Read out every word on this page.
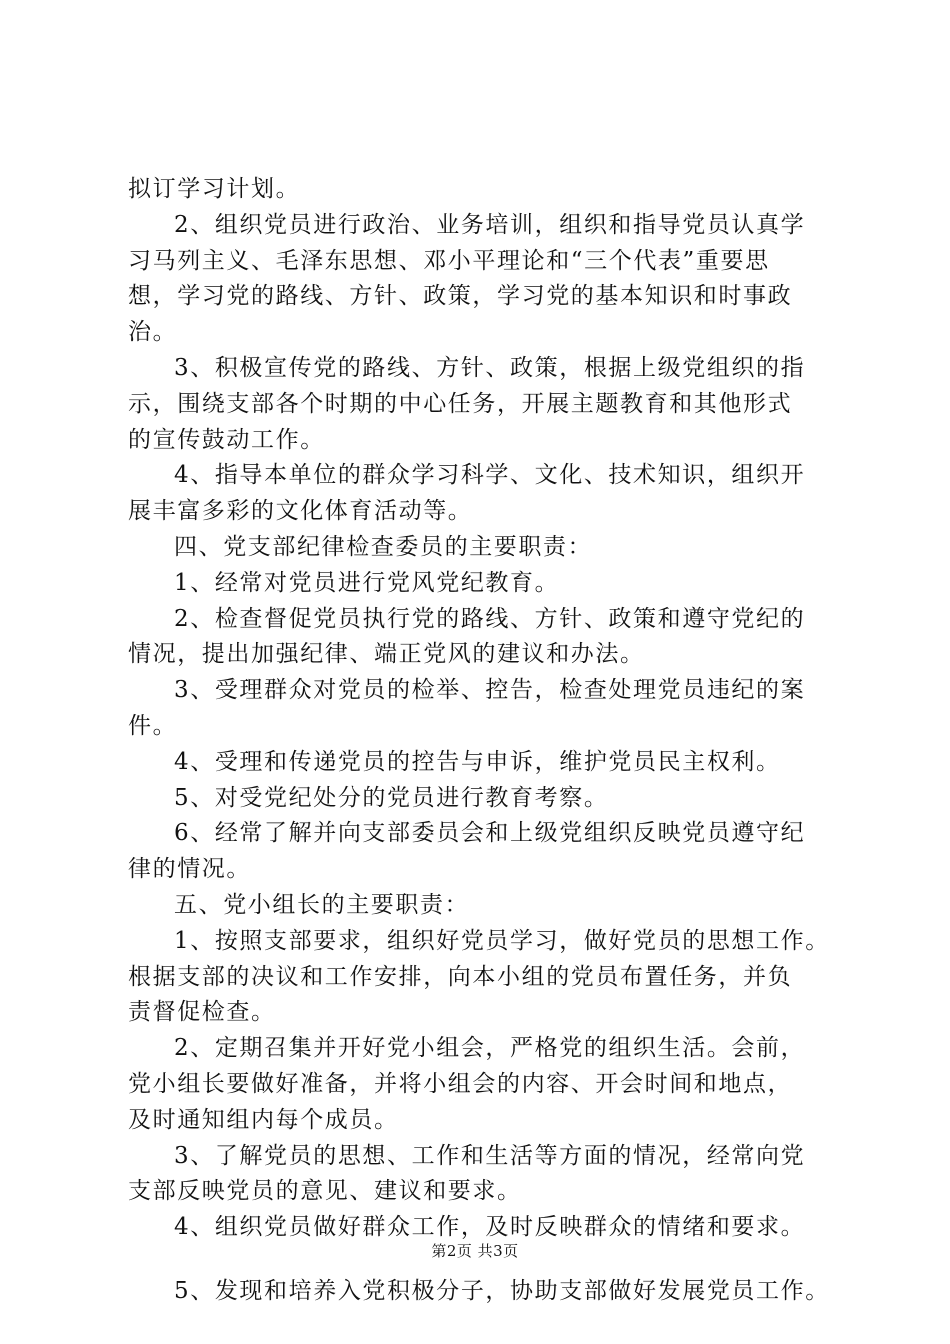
拟订学习计划。
2、组织党员进行政治、业务培训，组织和指导党员认真学
习马列主义、毛泽东思想、邓小平理论和“三个代表”重要思
想，学习党的路线、方针、政策，学习党的基本知识和时事政
治。
3、积极宣传党的路线、方针、政策，根据上级党组织的指
示，围绕支部各个时期的中心任务，开展主题教育和其他形式
的宣传鼓动工作。
4、指导本单位的群众学习科学、文化、技术知识，组织开
展丰富多彩的文化体育活动等。
四、党支部纪律检查委员的主要职责：
1、经常对党员进行党风党纪教育。
2、检查督促党员执行党的路线、方针、政策和遵守党纪的
情况，提出加强纪律、端正党风的建议和办法。
3、受理群众对党员的检举、控告，检查处理党员违纪的案
件。
4、受理和传递党员的控告与申诉，维护党员民主权利。
5、对受党纪处分的党员进行教育考察。
6、经常了解并向支部委员会和上级党组织反映党员遵守纪
律的情况。
五、党小组长的主要职责：
1、按照支部要求，组织好党员学习，做好党员的思想工作。
根据支部的决议和工作安排，向本小组的党员布置任务，并负
责督促检查。
2、定期召集并开好党小组会，严格党的组织生活。会前，
党小组长要做好准备，并将小组会的内容、开会时间和地点，
及时通知组内每个成员。
3、了解党员的思想、工作和生活等方面的情况，经常向党
支部反映党员的意见、建议和要求。
4、组织党员做好群众工作，及时反映群众的情绪和要求。
5、发现和培养入党积极分子，协助支部做好发展党员工作。
第2页 共3页
